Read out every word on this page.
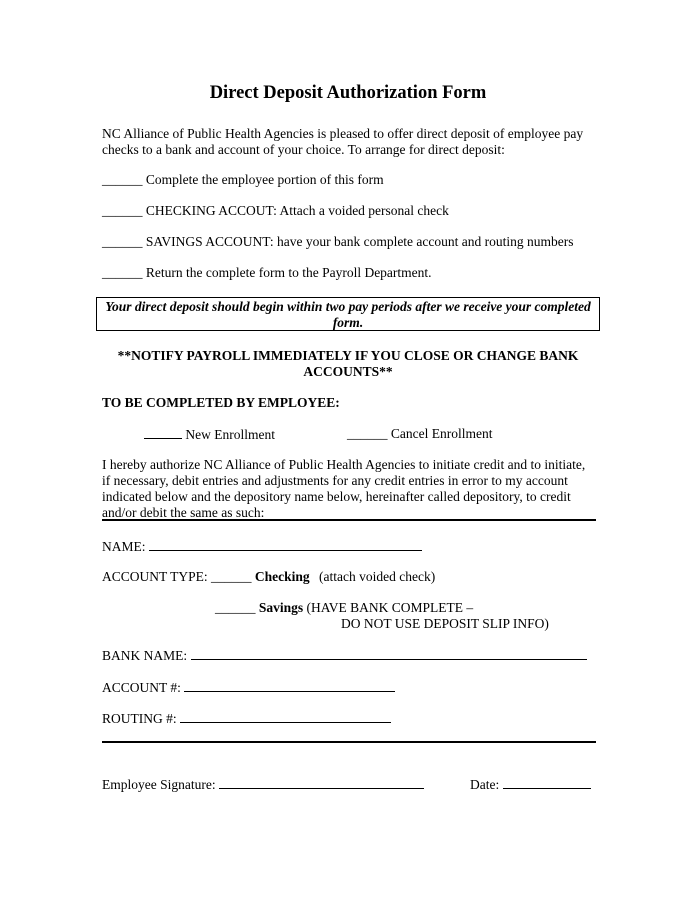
Direct Deposit Authorization Form
NC Alliance of Public Health Agencies is pleased to offer direct deposit of employee pay checks to a bank and account of your choice. To arrange for direct deposit:
______ Complete the employee portion of this form
______ CHECKING ACCOUT: Attach a voided personal check
______ SAVINGS ACCOUNT: have your bank complete account and routing numbers
______ Return the complete form to the Payroll Department.
Your direct deposit should begin within two pay periods after we receive your completed form.
**NOTIFY PAYROLL IMMEDIATELY IF YOU CLOSE OR CHANGE BANK ACCOUNTS**
TO BE COMPLETED BY EMPLOYEE:
New Enrollment	______ Cancel Enrollment
I hereby authorize NC Alliance of Public Health Agencies to initiate credit and to initiate, if necessary, debit entries and adjustments for any credit entries in error to my account indicated below and the depository name below, hereinafter called depository, to credit and/or debit the same as such:
NAME:
ACCOUNT TYPE: ______ Checking (attach voided check)
______ Savings (HAVE BANK COMPLETE –
DO NOT USE DEPOSIT SLIP INFO)
BANK NAME:
ACCOUNT #:
ROUTING #:
Employee Signature:	Date:
